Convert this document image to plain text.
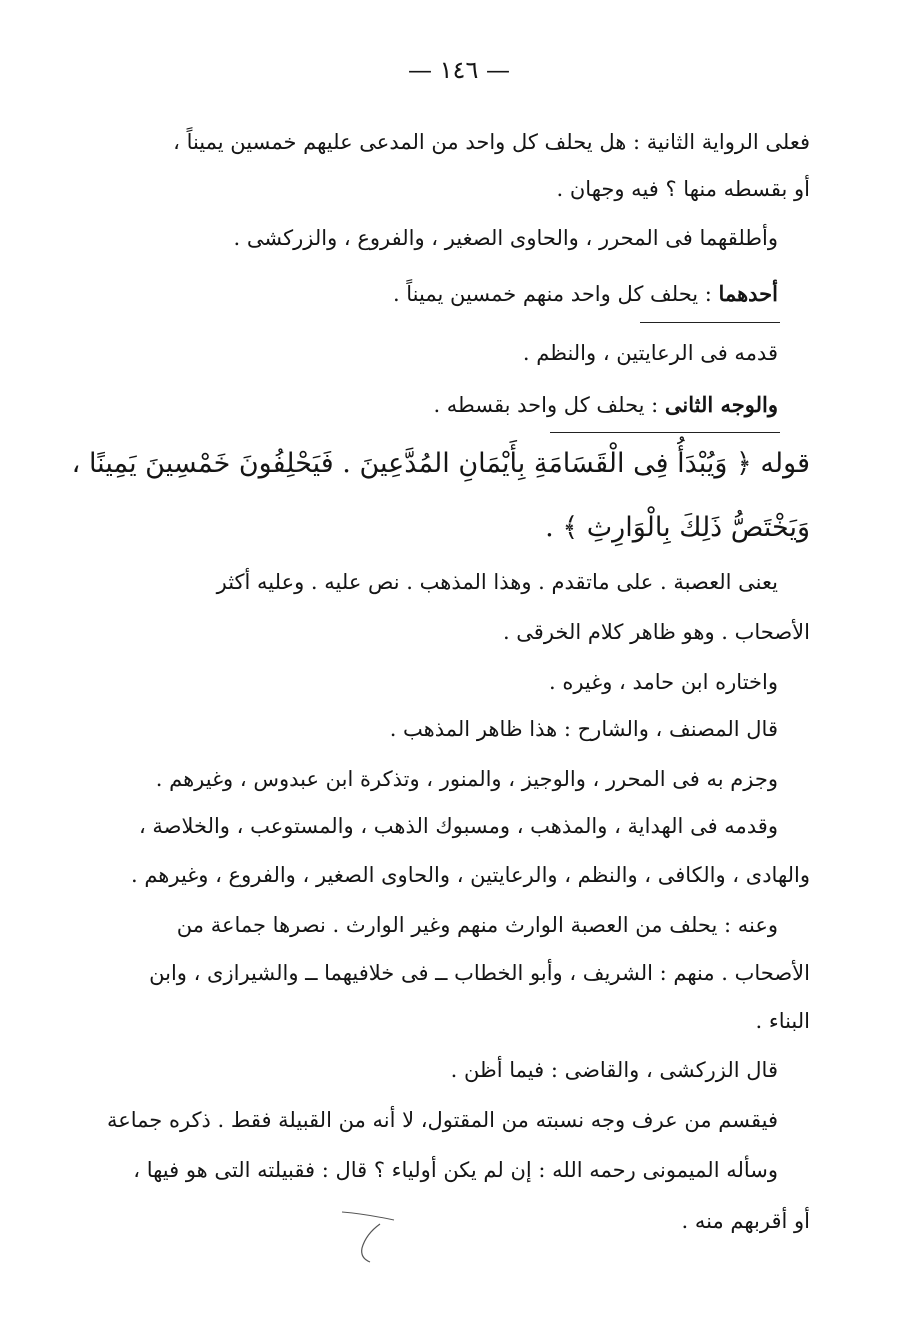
— ١٤٦ —
فعلى الرواية الثانية : هل يحلف كل واحد من المدعى عليهم خمسين يميناً ،
أو بقسطه منها ؟ فيه وجهان .
وأطلقهما فى المحرر ، والحاوى الصغير ، والفروع ، والزركشى .
أحدهما : يحلف كل واحد منهم خمسين يميناً .
قدمه فى الرعايتين ، والنظم .
والوجه الثانى : يحلف كل واحد بقسطه .
قوله ﴿ وَيُبْدَأُ فِى الْقَسَامَةِ بِأَيْمَانِ المُدَّعِينَ . فَيَحْلِفُونَ خَمْسِينَ يَمِينًا ،
وَيَخْتَصُّ ذَلِكَ بِالْوَارِثِ ﴾ .
يعنى العصبة . على ماتقدم . وهذا المذهب . نص عليه . وعليه أكثر
الأصحاب . وهو ظاهر كلام الخرقى .
واختاره ابن حامد ، وغيره .
قال المصنف ، والشارح : هذا ظاهر المذهب .
وجزم به فى المحرر ، والوجيز ، والمنور ، وتذكرة ابن عبدوس ، وغيرهم .
وقدمه فى الهداية ، والمذهب ، ومسبوك الذهب ، والمستوعب ، والخلاصة ،
والهادى ، والكافى ، والنظم ، والرعايتين ، والحاوى الصغير ، والفروع ، وغيرهم .
وعنه : يحلف من العصبة الوارث منهم وغير الوارث . نصرها جماعة من
الأصحاب . منهم : الشريف ، وأبو الخطاب ــ فى خلافيهما ــ والشيرازى ، وابن
البناء .
قال الزركشى ، والقاضى : فيما أظن .
فيقسم من عرف وجه نسبته من المقتول، لا أنه من القبيلة فقط . ذكره جماعة
وسأله الميمونى رحمه الله : إن لم يكن أولياء ؟ قال : فقبيلته التى هو فيها ،
أو أقربهم منه .
